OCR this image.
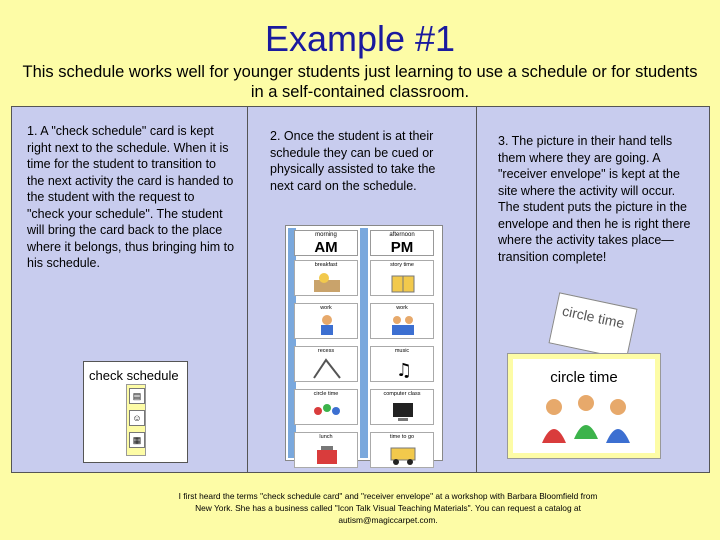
Example #1
This schedule works well for younger students just learning to use a schedule or for students in a self-contained classroom.
1. A "check schedule" card is kept right next to the schedule. When it is time for the student to transition to the next activity the card is handed to the student with the request to "check your schedule". The student will bring the card back to the place where it belongs, thus bringing him to his schedule.
check schedule
▤
☺
▦
2. Once the student is at their schedule they can be cued or physically assisted to take the next card on the schedule.
morning
AM
breakfast
work
recess
circle time
lunch
afternoon
PM
story time
work
music
♫
computer class
time to go
3. The picture in their hand tells them where they are going. A "receiver envelope" is kept at the site where the activity will occur. The student puts the picture in the envelope and then he is right there where the activity takes place—transition complete!
circle time
circle time
I first heard the terms "check schedule card" and "receiver envelope" at a workshop with Barbara Bloomfield from New York. She has a business called "Icon Talk Visual Teaching Materials". You can request a catalog at autism@magiccarpet.com.
